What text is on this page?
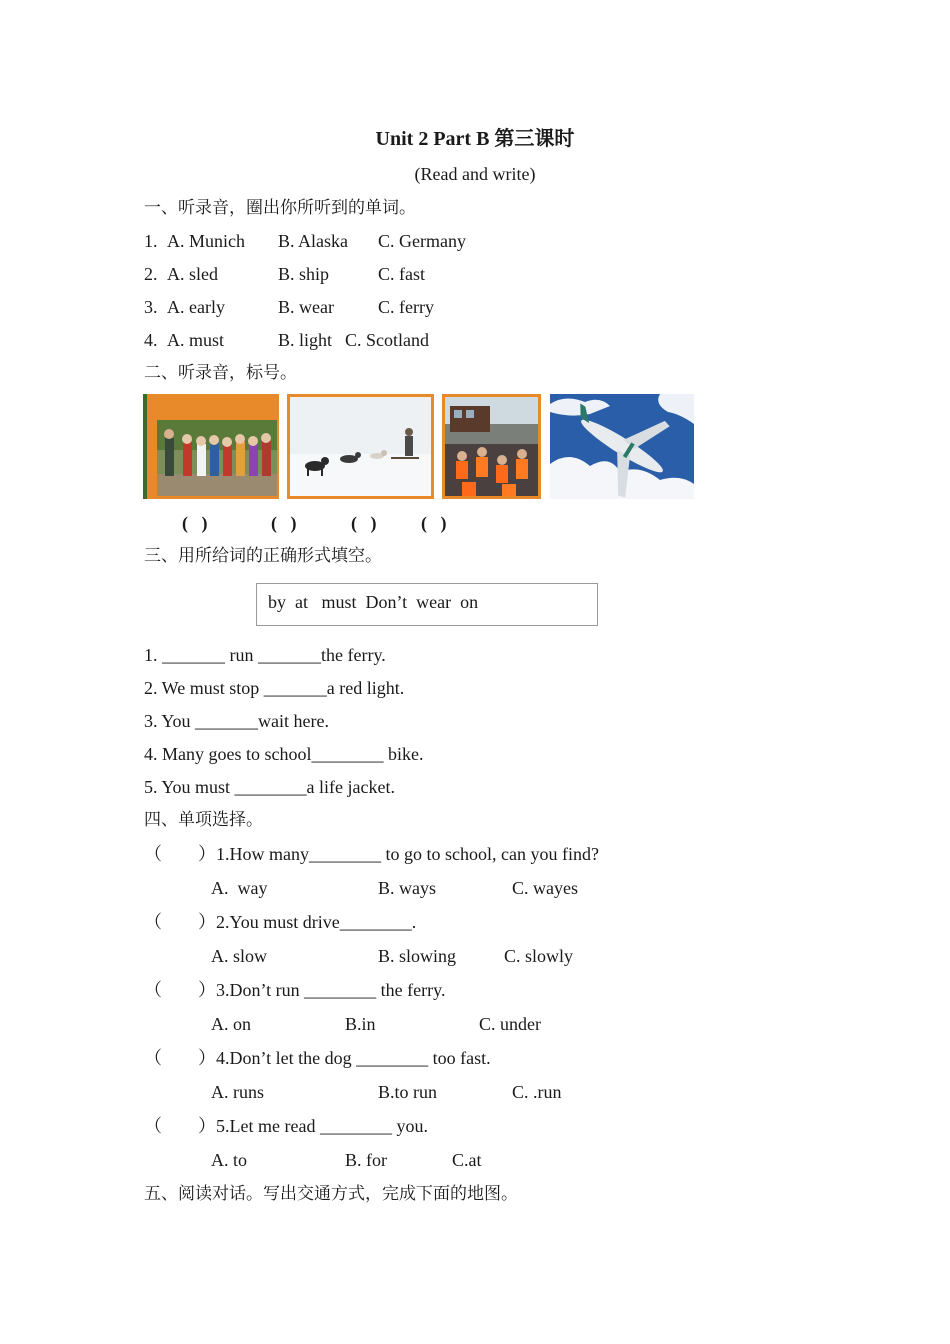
Unit 2 Part B 第三课时
(Read and write)
一、听录音，圈出你所听到的单词。
1. A. Munich B. Alaska C. Germany
2. A. sled	B. ship	C. fast
3. A. early	B. wear C. ferry
4. A. must	B. light C. Scotland
二、听录音，标号。
(   )	(   )	(   ) (   )
三、用所给词的正确形式填空。
by  at   must  Don’t  wear  on
1. _______ run _______the ferry.
2. We must stop _______a red light.
3. You _______wait here.
4. Many goes to school________ bike.
5. You must ________a life jacket.
四、单项选择。
（        ）1.How many________ to go to school, can you find?
A.  way	B. ways	C. wayes
（        ）2.You must drive________.
A. slow	B. slowing	C. slowly
（        ）3.Don’t run ________ the ferry.
A. on	B.in	C. under
（        ）4.Don’t let the dog ________ too fast.
A. runs	B.to run	C. .run
（        ）5.Let me read ________ you.
A. to	B. for	C.at
五、阅读对话。写出交通方式，完成下面的地图。
